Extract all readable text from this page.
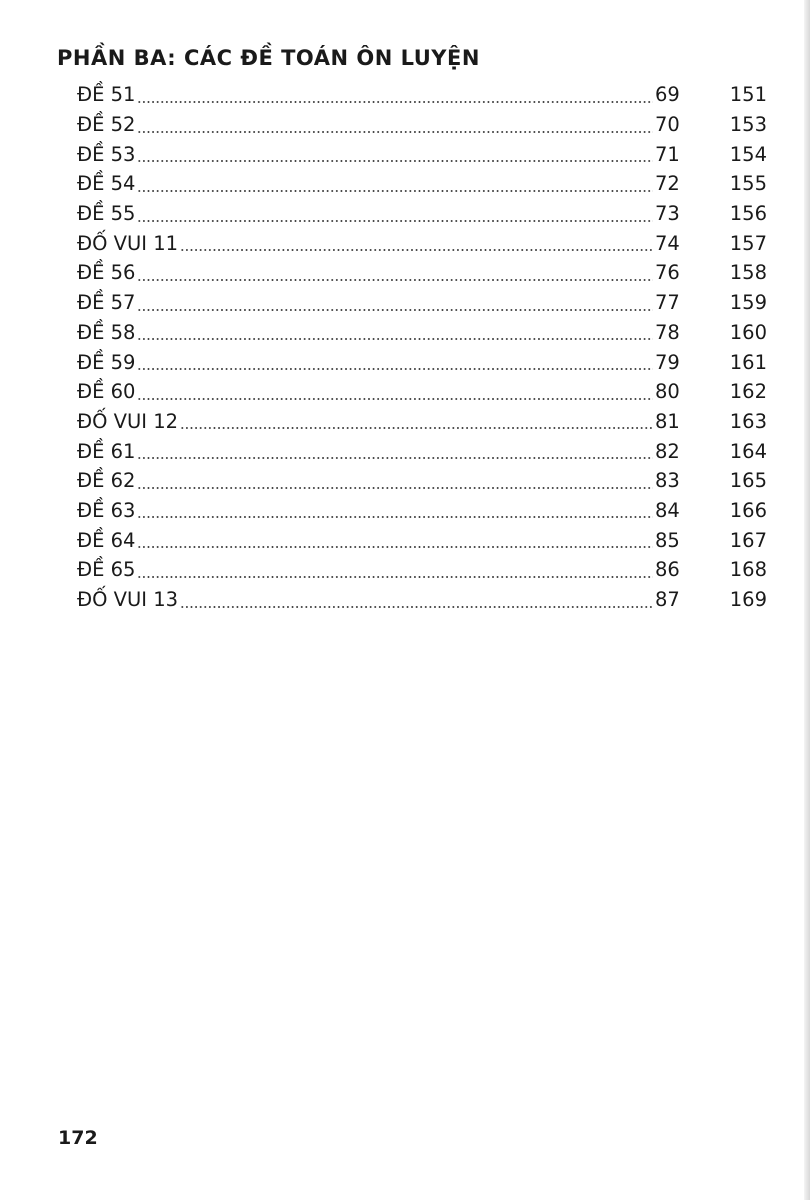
PHẦN BA: CÁC ĐỀ TOÁN ÔN LUYỆN
ĐỀ 51	69	151
ĐỀ 52	70	153
ĐỀ 53	71	154
ĐỀ 54	72	155
ĐỀ 55	73	156
ĐỐ VUI 11	74	157
ĐỀ 56	76	158
ĐỀ 57	77	159
ĐỀ 58	78	160
ĐỀ 59	79	161
ĐỀ 60	80	162
ĐỐ VUI 12	81	163
ĐỀ 61	82	164
ĐỀ 62	83	165
ĐỀ 63	84	166
ĐỀ 64	85	167
ĐỀ 65	86	168
ĐỐ VUI 13	87	169
172
